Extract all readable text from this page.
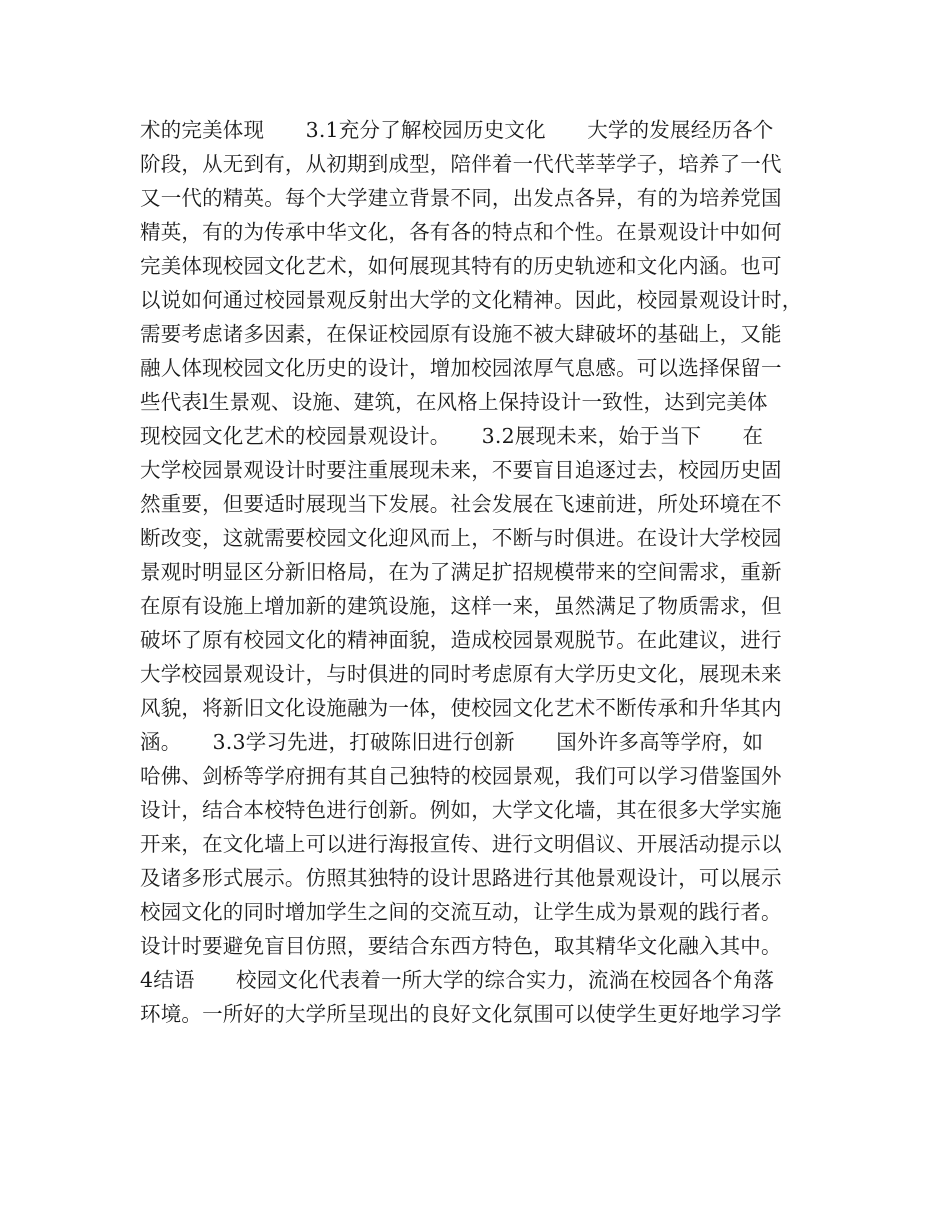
术的完美体现　　3.1充分了解校园历史文化　　大学的发展经历各个
阶段，从无到有，从初期到成型，陪伴着一代代莘莘学子，培养了一代
又一代的精英。每个大学建立背景不同，出发点各异，有的为培养党国
精英，有的为传承中华文化，各有各的特点和个性。在景观设计中如何
完美体现校园文化艺术，如何展现其特有的历史轨迹和文化内涵。也可
以说如何通过校园景观反射出大学的文化精神。因此，校园景观设计时，
需要考虑诸多因素，在保证校园原有设施不被大肆破坏的基础上，又能
融人体现校园文化历史的设计，增加校园浓厚气息感。可以选择保留一
些代表l生景观、设施、建筑，在风格上保持设计一致性，达到完美体
现校园文化艺术的校园景观设计。　　3.2展现未来，始于当下　　在
大学校园景观设计时要注重展现未来，不要盲目追逐过去，校园历史固
然重要，但要适时展现当下发展。社会发展在飞速前进，所处环境在不
断改变，这就需要校园文化迎风而上，不断与时俱进。在设计大学校园
景观时明显区分新旧格局，在为了满足扩招规模带来的空间需求，重新
在原有设施上增加新的建筑设施，这样一来，虽然满足了物质需求，但
破坏了原有校园文化的精神面貌，造成校园景观脱节。在此建议，进行
大学校园景观设计，与时俱进的同时考虑原有大学历史文化，展现未来
风貌，将新旧文化设施融为一体，使校园文化艺术不断传承和升华其内
涵。　　3.3学习先进，打破陈旧进行创新　　国外许多高等学府，如
哈佛、剑桥等学府拥有其自己独特的校园景观，我们可以学习借鉴国外
设计，结合本校特色进行创新。例如，大学文化墙，其在很多大学实施
开来，在文化墙上可以进行海报宣传、进行文明倡议、开展活动提示以
及诸多形式展示。仿照其独特的设计思路进行其他景观设计，可以展示
校园文化的同时增加学生之间的交流互动，让学生成为景观的践行者。
设计时要避免盲目仿照，要结合东西方特色，取其精华文化融入其中。
4结语　　校园文化代表着一所大学的综合实力，流淌在校园各个角落
环境。一所好的大学所呈现出的良好文化氛围可以使学生更好地学习学
